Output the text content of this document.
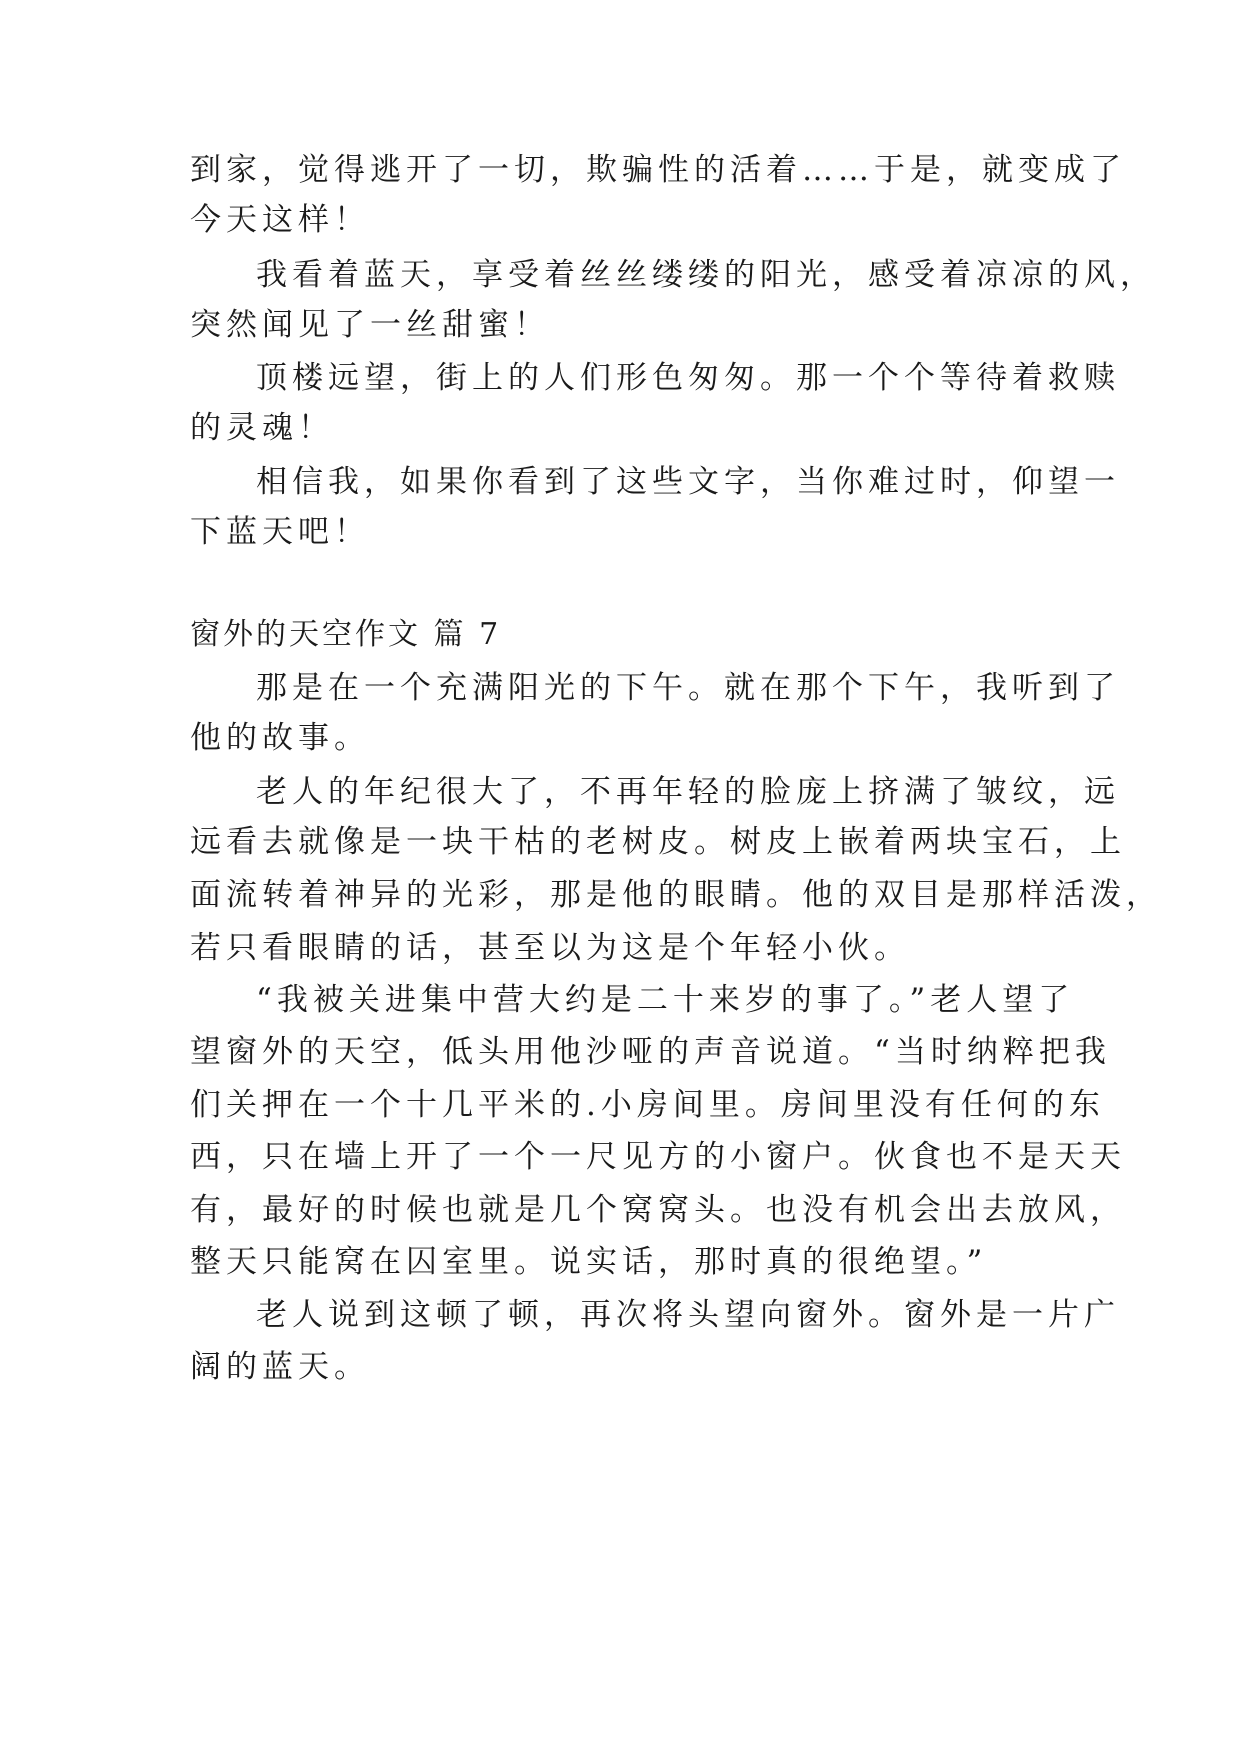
到家，觉得逃开了一切，欺骗性的活着……于是，就变成了
今天这样！
我看着蓝天，享受着丝丝缕缕的阳光，感受着凉凉的风，
突然闻见了一丝甜蜜！
顶楼远望，街上的人们形色匆匆。那一个个等待着救赎
的灵魂！
相信我，如果你看到了这些文字，当你难过时，仰望一
下蓝天吧！
窗外的天空作文 篇 7
那是在一个充满阳光的下午。就在那个下午，我听到了
他的故事。
老人的年纪很大了，不再年轻的脸庞上挤满了皱纹，远
远看去就像是一块干枯的老树皮。树皮上嵌着两块宝石，上
面流转着神异的光彩，那是他的眼睛。他的双目是那样活泼，
若只看眼睛的话，甚至以为这是个年轻小伙。
“我被关进集中营大约是二十来岁的事了。”老人望了
望窗外的天空，低头用他沙哑的声音说道。“当时纳粹把我
们关押在一个十几平米的.小房间里。房间里没有任何的东
西，只在墙上开了一个一尺见方的小窗户。伙食也不是天天
有，最好的时候也就是几个窝窝头。也没有机会出去放风，
整天只能窝在囚室里。说实话，那时真的很绝望。”
老人说到这顿了顿，再次将头望向窗外。窗外是一片广
阔的蓝天。
